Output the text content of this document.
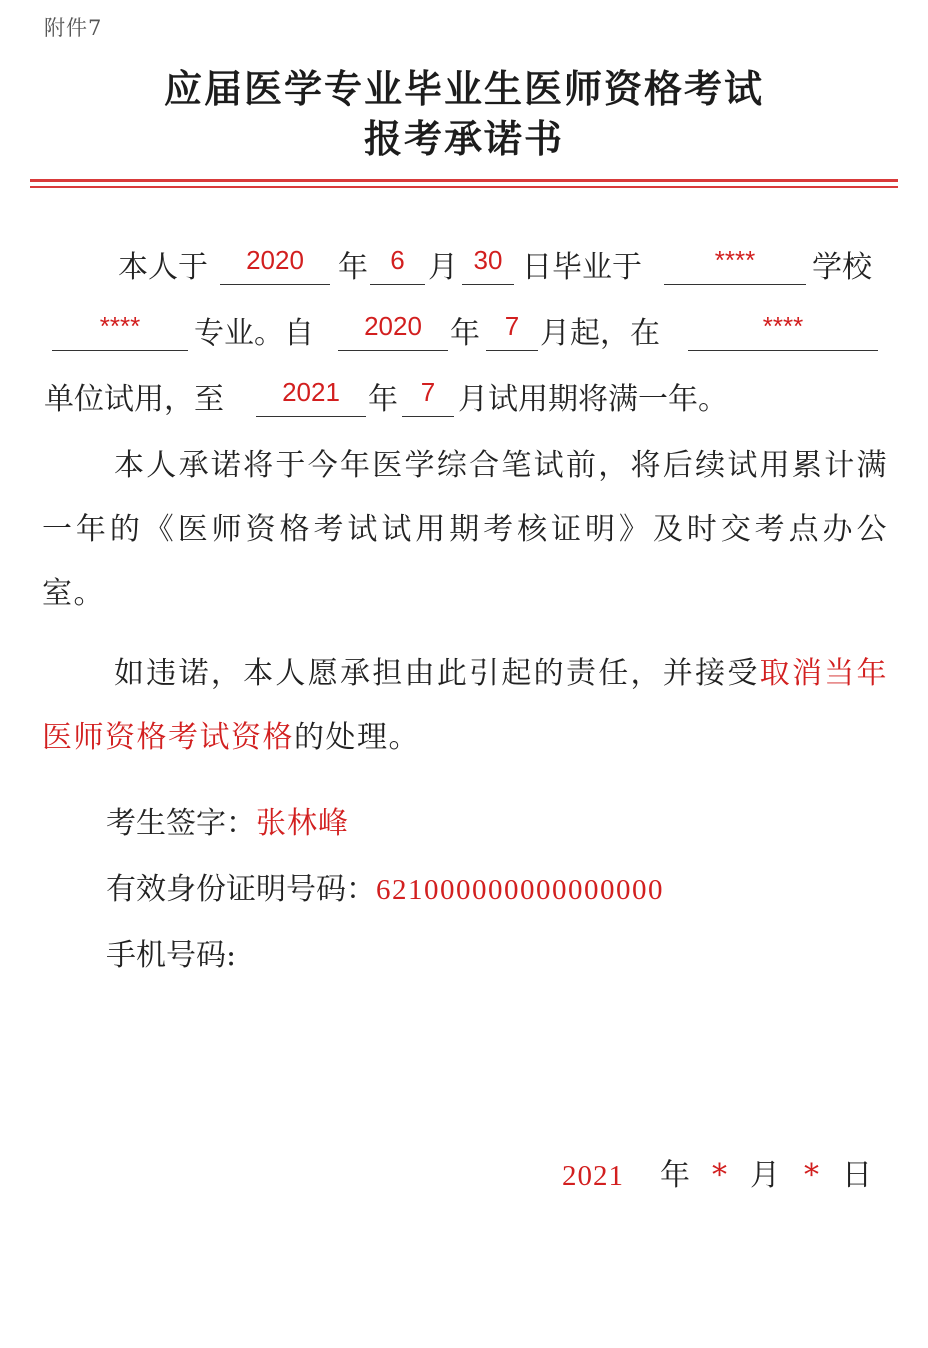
附件7
应届医学专业毕业生医师资格考试
报考承诺书
本人于	2020	年 6 月 30 日毕业于	****	学校
****	专业。自	2020 年 7 月起，在	****
单位试用，至	2021 年 7 月试用期将满一年。
本人承诺将于今年医学综合笔试前，将后续试用累计满一年的《医师资格考试试用期考核证明》及时交考点办公室。
如违诺，本人愿承担由此引起的责任，并接受取消当年医师资格考试资格的处理。
考生签字：张林峰
有效身份证明号码：621000000000000000
手机号码:
2021 年 * 月 * 日
